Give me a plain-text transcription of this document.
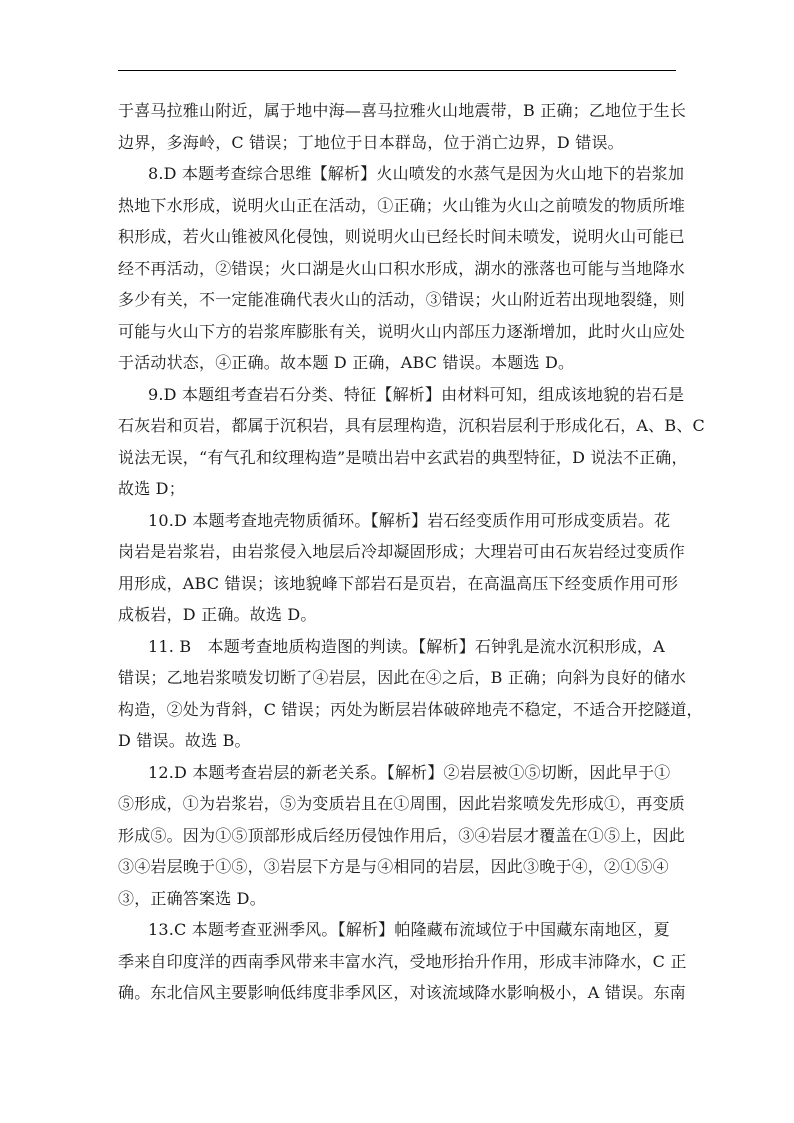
于喜马拉雅山附近，属于地中海—喜马拉雅火山地震带，B 正确；乙地位于生长
边界，多海岭，C 错误；丁地位于日本群岛，位于消亡边界，D 错误。
8.D 本题考查综合思维【解析】火山喷发的水蒸气是因为火山地下的岩浆加
热地下水形成，说明火山正在活动，①正确；火山锥为火山之前喷发的物质所堆
积形成，若火山锥被风化侵蚀，则说明火山已经长时间未喷发，说明火山可能已
经不再活动，②错误；火口湖是火山口积水形成，湖水的涨落也可能与当地降水
多少有关，不一定能准确代表火山的活动，③错误；火山附近若出现地裂缝，则
可能与火山下方的岩浆库膨胀有关，说明火山内部压力逐渐增加，此时火山应处
于活动状态，④正确。故本题 D 正确，ABC 错误。本题选 D。
9.D 本题组考查岩石分类、特征【解析】由材料可知，组成该地貌的岩石是
石灰岩和页岩，都属于沉积岩，具有层理构造，沉积岩层利于形成化石，A、B、C
说法无误，“有气孔和纹理构造”是喷出岩中玄武岩的典型特征，D 说法不正确，
故选 D；
10.D 本题考查地壳物质循环。【解析】岩石经变质作用可形成变质岩。花
岗岩是岩浆岩，由岩浆侵入地层后冷却凝固形成；大理岩可由石灰岩经过变质作
用形成，ABC 错误；该地貌峰下部岩石是页岩，在高温高压下经变质作用可形
成板岩，D 正确。故选 D。
11. B　本题考查地质构造图的判读。【解析】石钟乳是流水沉积形成，A
错误；乙地岩浆喷发切断了④岩层，因此在④之后，B 正确；向斜为良好的储水
构造，②处为背斜，C 错误；丙处为断层岩体破碎地壳不稳定，不适合开挖隧道，
D 错误。故选 B。
12.D 本题考查岩层的新老关系。【解析】②岩层被①⑤切断，因此早于①
⑤形成，①为岩浆岩，⑤为变质岩且在①周围，因此岩浆喷发先形成①，再变质
形成⑤。因为①⑤顶部形成后经历侵蚀作用后，③④岩层才覆盖在①⑤上，因此
③④岩层晚于①⑤，③岩层下方是与④相同的岩层，因此③晚于④，②①⑤④
③，正确答案选 D。
13.C 本题考查亚洲季风。【解析】帕隆藏布流域位于中国藏东南地区，夏
季来自印度洋的西南季风带来丰富水汽，受地形抬升作用，形成丰沛降水，C 正
确。东北信风主要影响低纬度非季风区，对该流域降水影响极小，A 错误。东南
